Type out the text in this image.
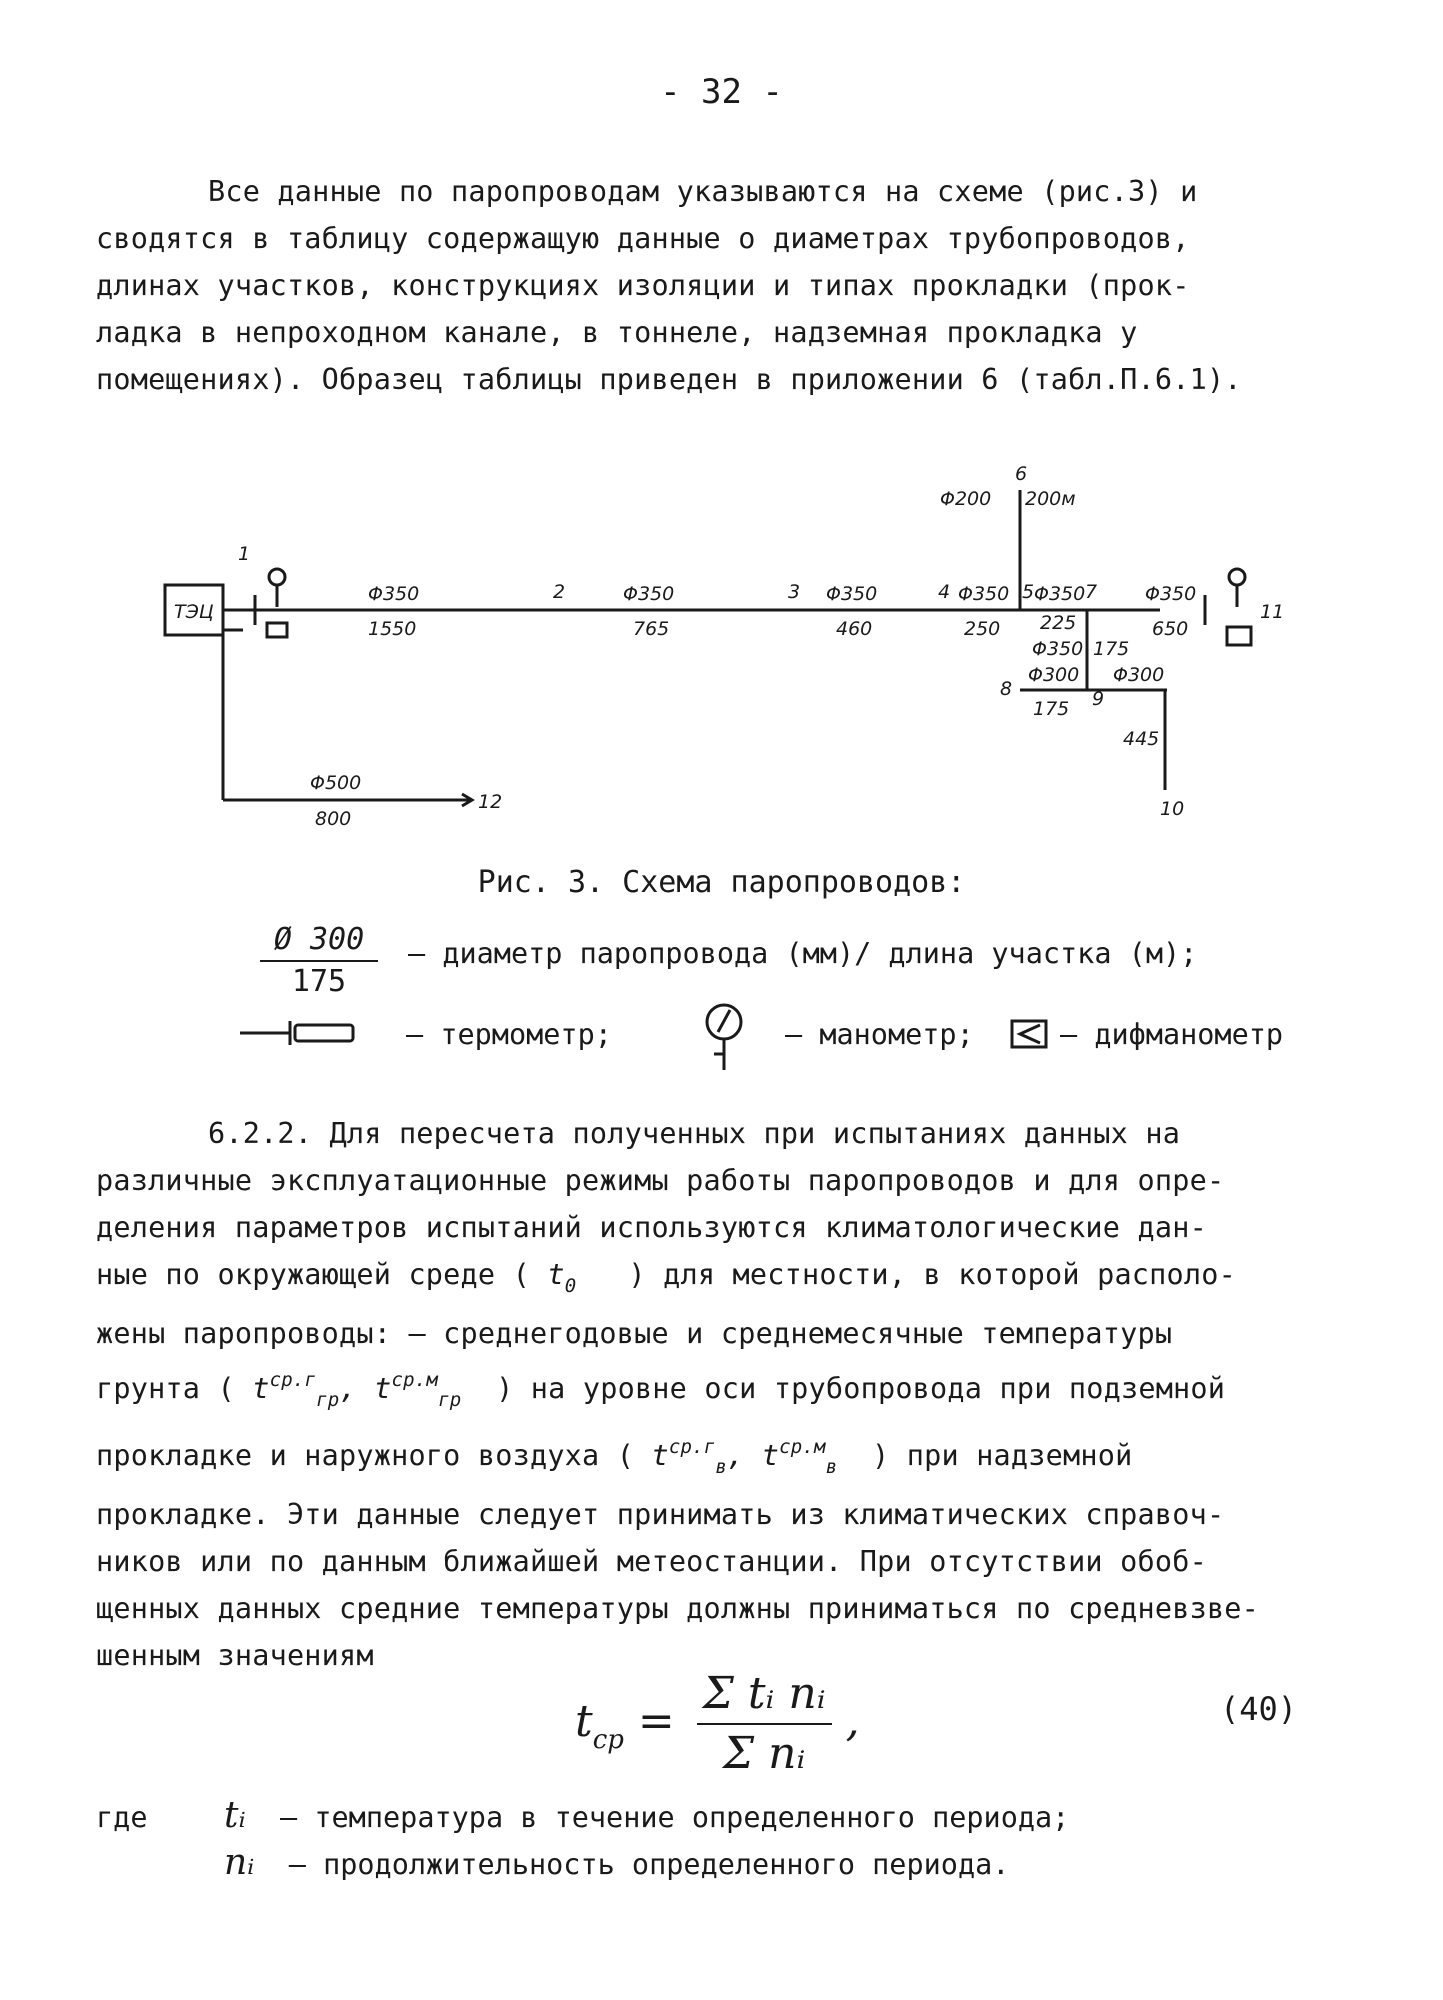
- 32 -

Все данные по паропроводам указываются на схеме (рис.3) и

сводятся в таблицу содержащую данные о диаметрах трубопроводов,

длинах участков, конструкциях изоляции и типах прокладки (прок-

ладка в непроходном канале, в тоннеле, надземная прокладка у

помещениях). Образец таблицы приведен в приложении 6 (табл.П.6.1).

ТЭЦ
1
2	3	4	5
6
7
8	9
10
11
12
Φ350
1550
Φ350
765
Φ350
460
Φ350
250
Φ350
225
Φ350
650
Φ200 200м
Φ350 175
Φ300
175
Φ300
445
Φ500
800
Рис. 3. Схема паропроводов:
$\frac{Ø 300}{175}$ – диаметр паропровода (мм)/ длина участка (м);
– термометр;	– манометр;	– дифманометр

6.2.2. Для пересчета полученных при испытаниях данных на

различные эксплуатационные режимы работы паропроводов и для опре-

деления параметров испытаний используются климатологические дан-

ные по окружающей среде ( $t_0$ ) для местности, в которой располо-

жены паропроводы: – среднегодовые и среднемесячные температуры

грунта ( $t^{ср.г}_{гр}$, $t^{ср.м}_{гр}$ ) на уровне оси трубопровода при подземной

прокладке и наружного воздуха ( $t^{ср.г}_в$, $t^{ср.м}_в$ ) при надземной

прокладке. Эти данные следует принимать из климатических справоч-

ников или по данным ближайшей метеостанции. При отсутствии обоб-

щенных данных средние температуры должны приниматься по средневзве-

шенным значениям

$t_{ср} = \frac{\text{Σ tᵢ nᵢ}}{\text{Σ nᵢ}}$ ,	(40)
где tᵢ – температура в течение определенного периода;
nᵢ – продолжительность определенного периода.
